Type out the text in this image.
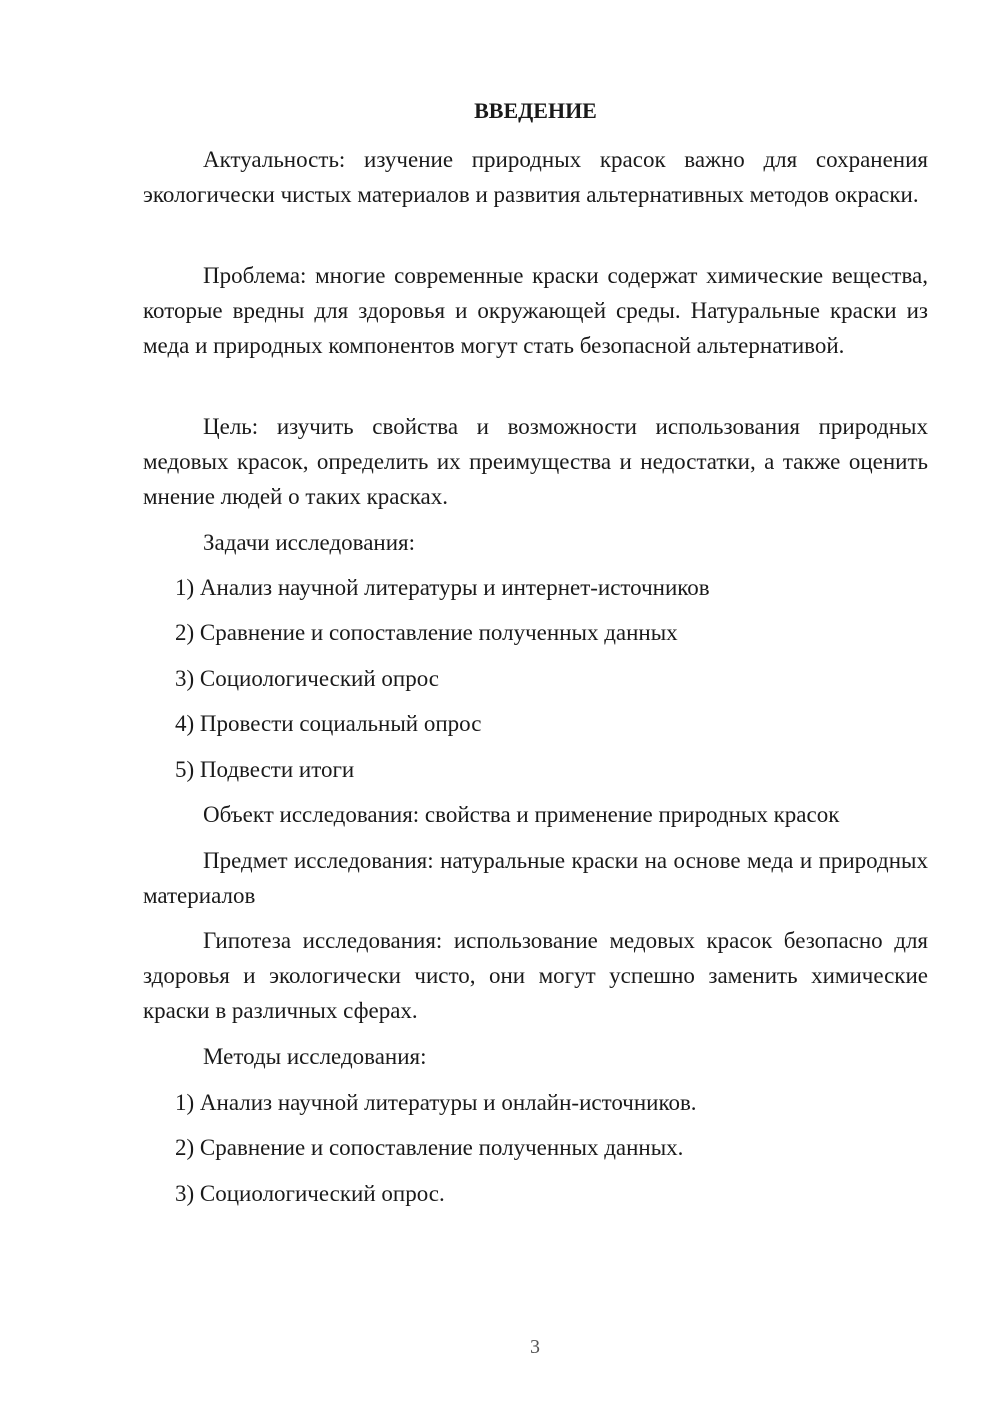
ВВЕДЕНИЕ

Актуальность: изучение природных красок важно для сохранения экологически чистых материалов и развития альтернативных методов окраски.

Проблема: многие современные краски содержат химические вещества, которые вредны для здоровья и окружающей среды. Натуральные краски из меда и природных компонентов могут стать безопасной альтернативой.

Цель: изучить свойства и возможности использования природных медовых красок, определить их преимущества и недостатки, а также оценить мнение людей о таких красках.

Задачи исследования:

1) Анализ научной литературы и интернет-источников

2) Сравнение и сопоставление полученных данных

3) Социологический опрос

4) Провести социальный опрос

5) Подвести итоги

Объект исследования: свойства и применение природных красок

Предмет исследования: натуральные краски на основе меда и природных материалов

Гипотеза исследования: использование медовых красок безопасно для здоровья и экологически чисто, они могут успешно заменить химические краски в различных сферах.

Методы исследования:

1) Анализ научной литературы и онлайн-источников.

2) Сравнение и сопоставление полученных данных.

3) Социологический опрос.

3
